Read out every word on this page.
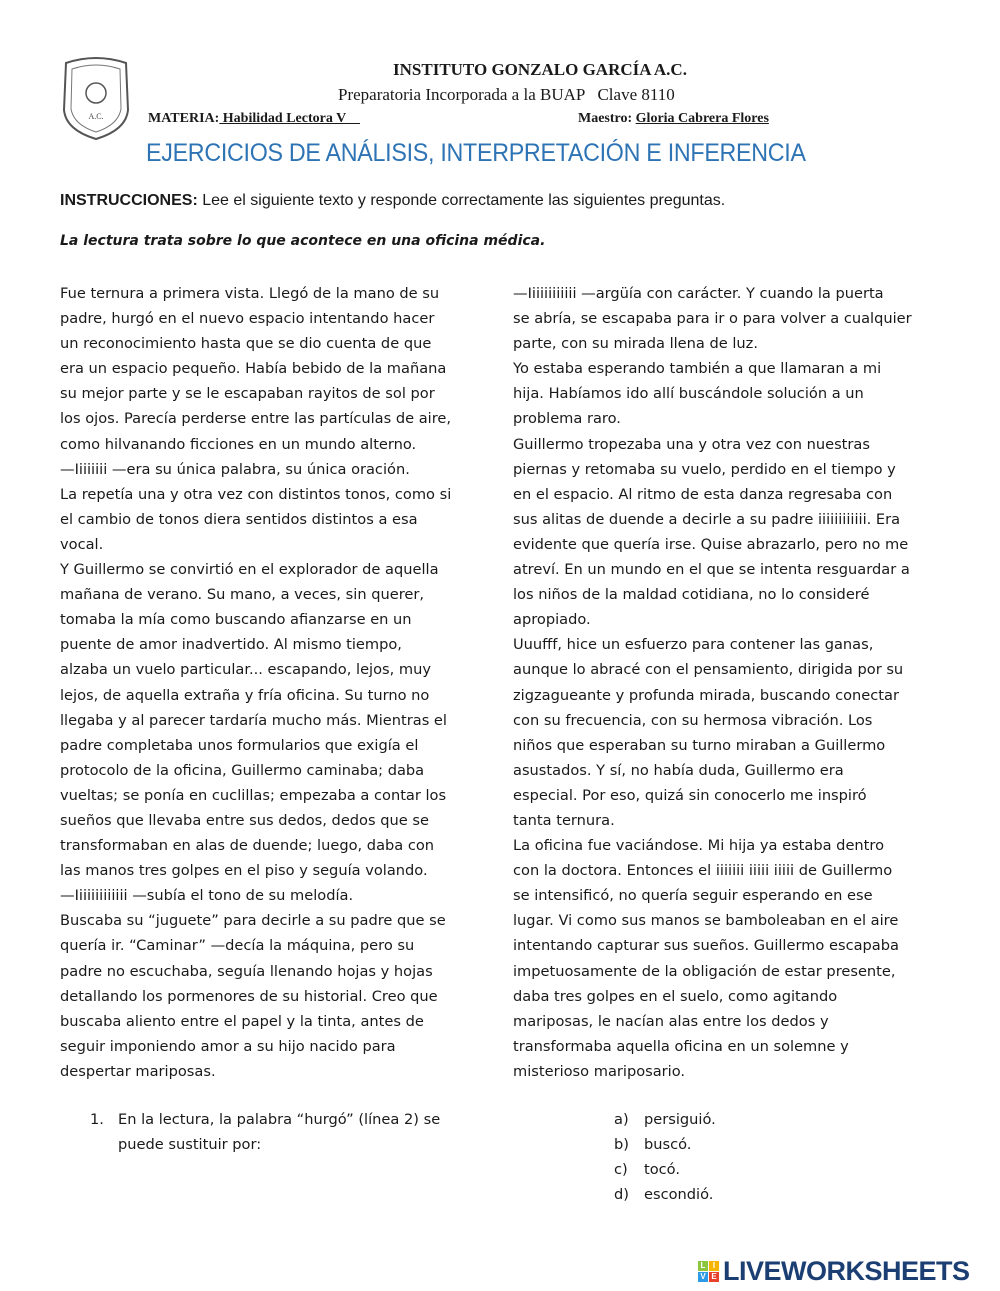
A.C.
INSTITUTO GONZALO GARCÍA A.C.
Preparatoria Incorporada a la BUAP   Clave 8110
MATERIA: Habilidad Lectora V	Maestro: Gloria Cabrera Flores
EJERCICIOS DE ANÁLISIS, INTERPRETACIÓN E INFERENCIA
INSTRUCCIONES: Lee el siguiente texto y responde correctamente las siguientes preguntas.
La lectura trata sobre lo que acontece en una oficina médica.
Fue ternura a primera vista. Llegó de la mano de su
padre, hurgó en el nuevo espacio intentando hacer
un reconocimiento hasta que se dio cuenta de que
era un espacio pequeño. Había bebido de la mañana
su mejor parte y se le escapaban rayitos de sol por
los ojos. Parecía perderse entre las partículas de aire,
como hilvanando ficciones en un mundo alterno.
—Iiiiiiii —era su única palabra, su única oración.
La repetía una y otra vez con distintos tonos, como si
el cambio de tonos diera sentidos distintos a esa
vocal.
Y Guillermo se convirtió en el explorador de aquella
mañana de verano. Su mano, a veces, sin querer,
tomaba la mía como buscando afianzarse en un
puente de amor inadvertido. Al mismo tiempo,
alzaba un vuelo particular... escapando, lejos, muy
lejos, de aquella extraña y fría oficina. Su turno no
llegaba y al parecer tardaría mucho más. Mientras el
padre completaba unos formularios que exigía el
protocolo de la oficina, Guillermo caminaba; daba
vueltas; se ponía en cuclillas; empezaba a contar los
sueños que llevaba entre sus dedos, dedos que se
transformaban en alas de duende; luego, daba con
las manos tres golpes en el piso y seguía volando.
—Iiiiiiiiiiiii —subía el tono de su melodía.
Buscaba su “juguete” para decirle a su padre que se
quería ir. “Caminar” —decía la máquina, pero su
padre no escuchaba, seguía llenando hojas y hojas
detallando los pormenores de su historial. Creo que
buscaba aliento entre el papel y la tinta, antes de
seguir imponiendo amor a su hijo nacido para
despertar mariposas.
—Iiiiiiiiiiii —argüía con carácter. Y cuando la puerta
se abría, se escapaba para ir o para volver a cualquier
parte, con su mirada llena de luz.
Yo estaba esperando también a que llamaran a mi
hija. Habíamos ido allí buscándole solución a un
problema raro.
Guillermo tropezaba una y otra vez con nuestras
piernas y retomaba su vuelo, perdido en el tiempo y
en el espacio. Al ritmo de esta danza regresaba con
sus alitas de duende a decirle a su padre iiiiiiiiiiii. Era
evidente que quería irse. Quise abrazarlo, pero no me
atreví. En un mundo en el que se intenta resguardar a
los niños de la maldad cotidiana, no lo consideré
apropiado.
Uuufff, hice un esfuerzo para contener las ganas,
aunque lo abracé con el pensamiento, dirigida por su
zigzagueante y profunda mirada, buscando conectar
con su frecuencia, con su hermosa vibración. Los
niños que esperaban su turno miraban a Guillermo
asustados. Y sí, no había duda, Guillermo era
especial. Por eso, quizá sin conocerlo me inspiró
tanta ternura.
La oficina fue vaciándose. Mi hija ya estaba dentro
con la doctora. Entonces el iiiiiii iiiii iiiii de Guillermo
se intensificó, no quería seguir esperando en ese
lugar. Vi como sus manos se bamboleaban en el aire
intentando capturar sus sueños. Guillermo escapaba
impetuosamente de la obligación de estar presente,
daba tres golpes en el suelo, como agitando
mariposas, le nacían alas entre los dedos y
transformaba aquella oficina en un solemne y
misterioso mariposario.
1. En la lectura, la palabra “hurgó” (línea 2) se
puede sustituir por:
a) persiguió.
b) buscó.
c) tocó.
d) escondió.
L I
V E LIVEWORKSHEETS
